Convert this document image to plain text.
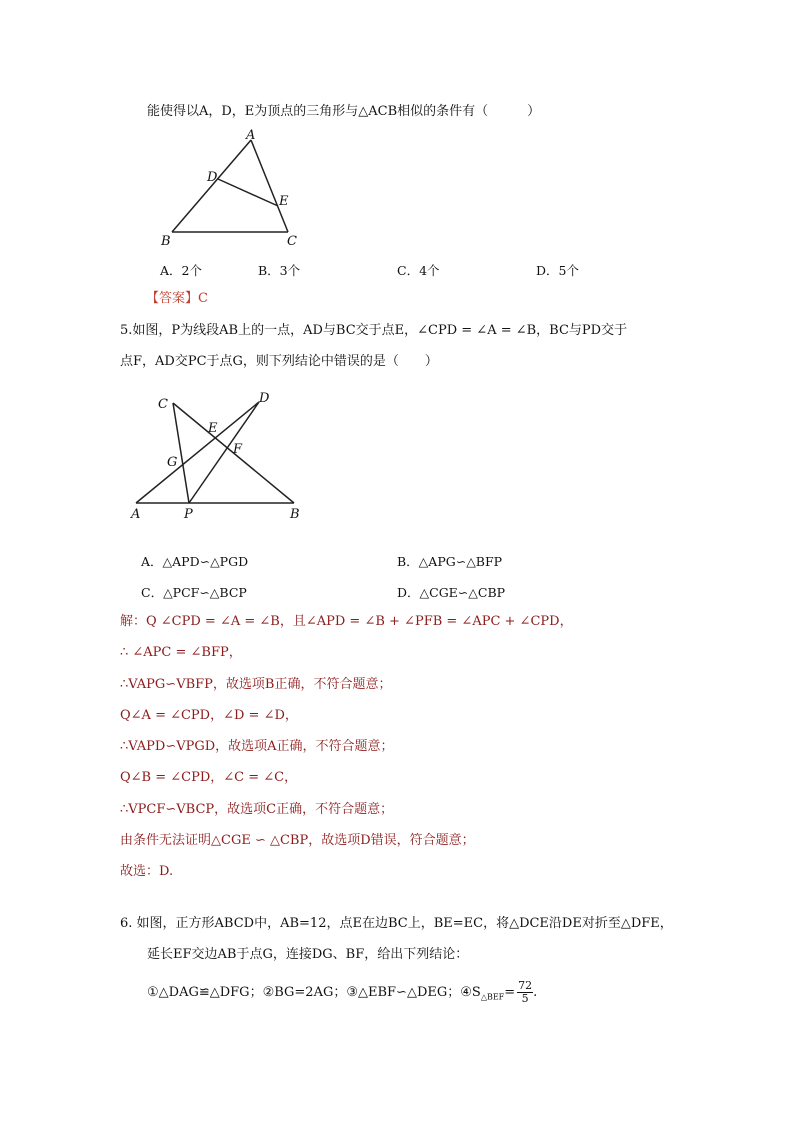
能使得以A，D，E为顶点的三角形与△ACB相似的条件有（　　　）
A
D
E
B	C
A．2个	B．3个	C．4个	D．5个
【答案】C
5.如图，P为线段AB上的一点，AD与BC交于点E，∠CPD = ∠A = ∠B，BC与PD交于
点F，AD交PC于点G，则下列结论中错误的是（　　）
C	D
E
G
F
A	P	B
A．△APD∽△PGD	B．△APG∽△BFP
C．△PCF∽△BCP	D．△CGE∽△CBP
解：Q ∠CPD = ∠A = ∠B，且∠APD = ∠B + ∠PFB = ∠APC + ∠CPD，
∴ ∠APC = ∠BFP，
∴VAPG∽VBFP，故选项B正确，不符合题意；
Q∠A = ∠CPD，∠D = ∠D，
∴VAPD∽VPGD，故选项A正确，不符合题意；
Q∠B = ∠CPD，∠C = ∠C，
∴VPCF∽VBCP，故选项C正确，不符合题意；
由条件无法证明△CGE ∽ △CBP，故选项D错误，符合题意；
故选：D.
6. 如图，正方形ABCD中，AB=12，点E在边BC上，BE=EC，将△DCE沿DE对折至△DFE，
延长EF交边AB于点G，连接DG、BF，给出下列结论：
①△DAG≌△DFG；②BG=2AG；③△EBF∽△DEG；$④S_{\triangle BEF}= \frac{72}{5}$ .
